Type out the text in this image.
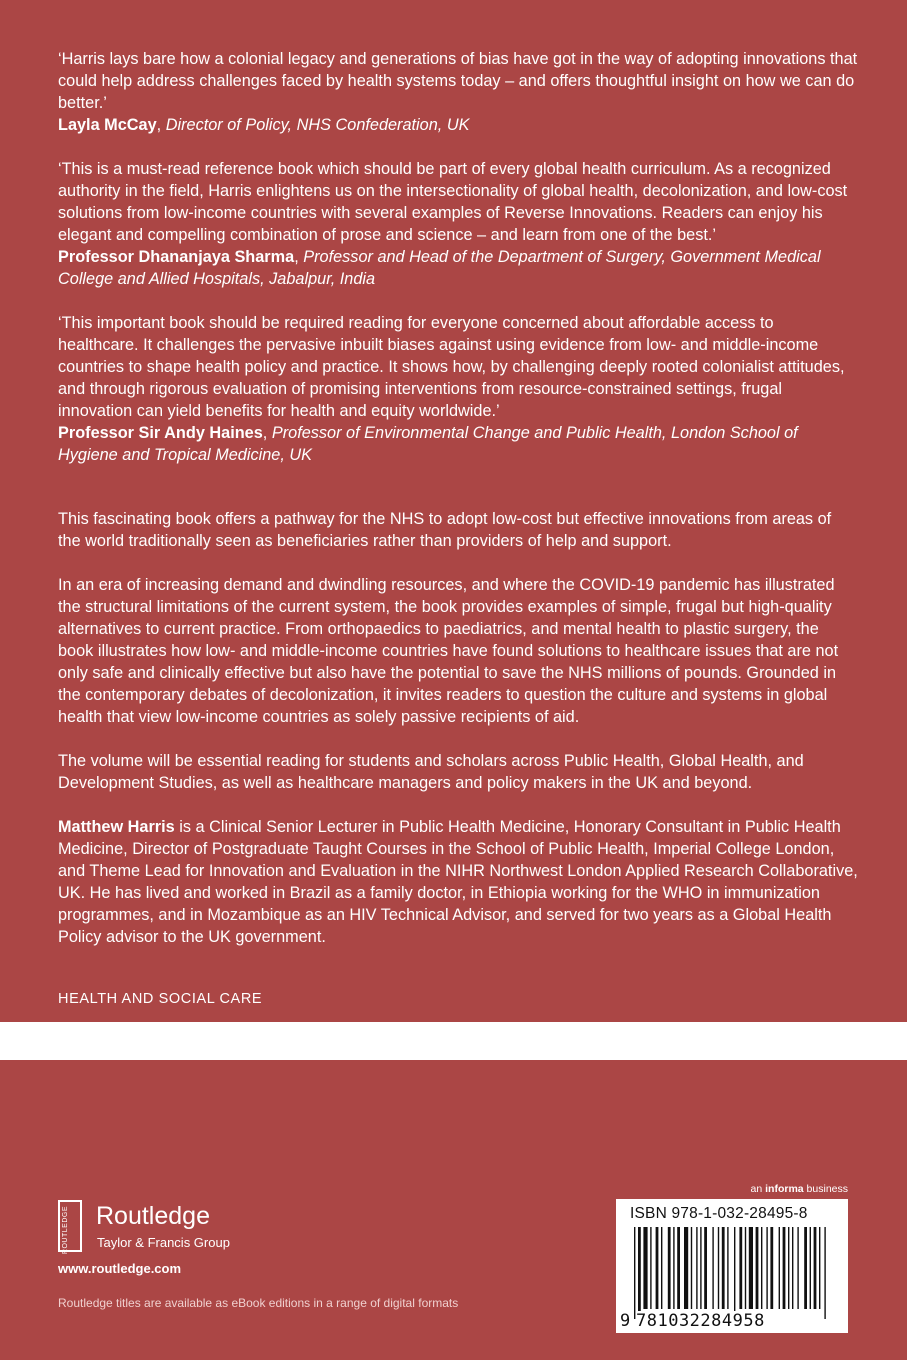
‘Harris lays bare how a colonial legacy and generations of bias have got in the way of adopting innovations that could help address challenges faced by health systems today – and offers thoughtful insight on how we can do better.’

Layla McCay, Director of Policy, NHS Confederation, UK

‘This is a must-read reference book which should be part of every global health curriculum. As a recognized authority in the field, Harris enlightens us on the intersectionality of global health, decolonization, and low-cost solutions from low-income countries with several examples of Reverse Innovations. Readers can enjoy his elegant and compelling combination of prose and science – and learn from one of the best.’

Professor Dhananjaya Sharma, Professor and Head of the Department of Surgery, Government Medical College and Allied Hospitals, Jabalpur, India

‘This important book should be required reading for everyone concerned about affordable access to healthcare. It challenges the pervasive inbuilt biases against using evidence from low- and middle-income countries to shape health policy and practice. It shows how, by challenging deeply rooted colonialist attitudes, and through rigorous evaluation of promising interventions from resource-constrained settings, frugal innovation can yield benefits for health and equity worldwide.’

Professor Sir Andy Haines, Professor of Environmental Change and Public Health, London School of Hygiene and Tropical Medicine, UK

This fascinating book offers a pathway for the NHS to adopt low-cost but effective innovations from areas of the world traditionally seen as beneficiaries rather than providers of help and support.

In an era of increasing demand and dwindling resources, and where the COVID-19 pandemic has illustrated the structural limitations of the current system, the book provides examples of simple, frugal but high-quality alternatives to current practice. From orthopaedics to paediatrics, and mental health to plastic surgery, the book illustrates how low- and middle-income countries have found solutions to healthcare issues that are not only safe and clinically effective but also have the potential to save the NHS millions of pounds. Grounded in the contemporary debates of decolonization, it invites readers to question the culture and systems in global health that view low-income countries as solely passive recipients of aid.

The volume will be essential reading for students and scholars across Public Health, Global Health, and Development Studies, as well as healthcare managers and policy makers in the UK and beyond.

Matthew Harris is a Clinical Senior Lecturer in Public Health Medicine, Honorary Consultant in Public Health Medicine, Director of Postgraduate Taught Courses in the School of Public Health, Imperial College London, and Theme Lead for Innovation and Evaluation in the NIHR Northwest London Applied Research Collaborative, UK. He has lived and worked in Brazil as a family doctor, in Ethiopia working for the WHO in immunization programmes, and in Mozambique as an HIV Technical Advisor, and served for two years as a Global Health Policy advisor to the UK government.

HEALTH AND SOCIAL CARE

ROUTLEDGE	Routledge
Taylor & Francis Group
www.routledge.com
Routledge titles are available as eBook editions in a range of digital formats
an informa business
ISBN 978-1-032-28495-8
9 781032284958
